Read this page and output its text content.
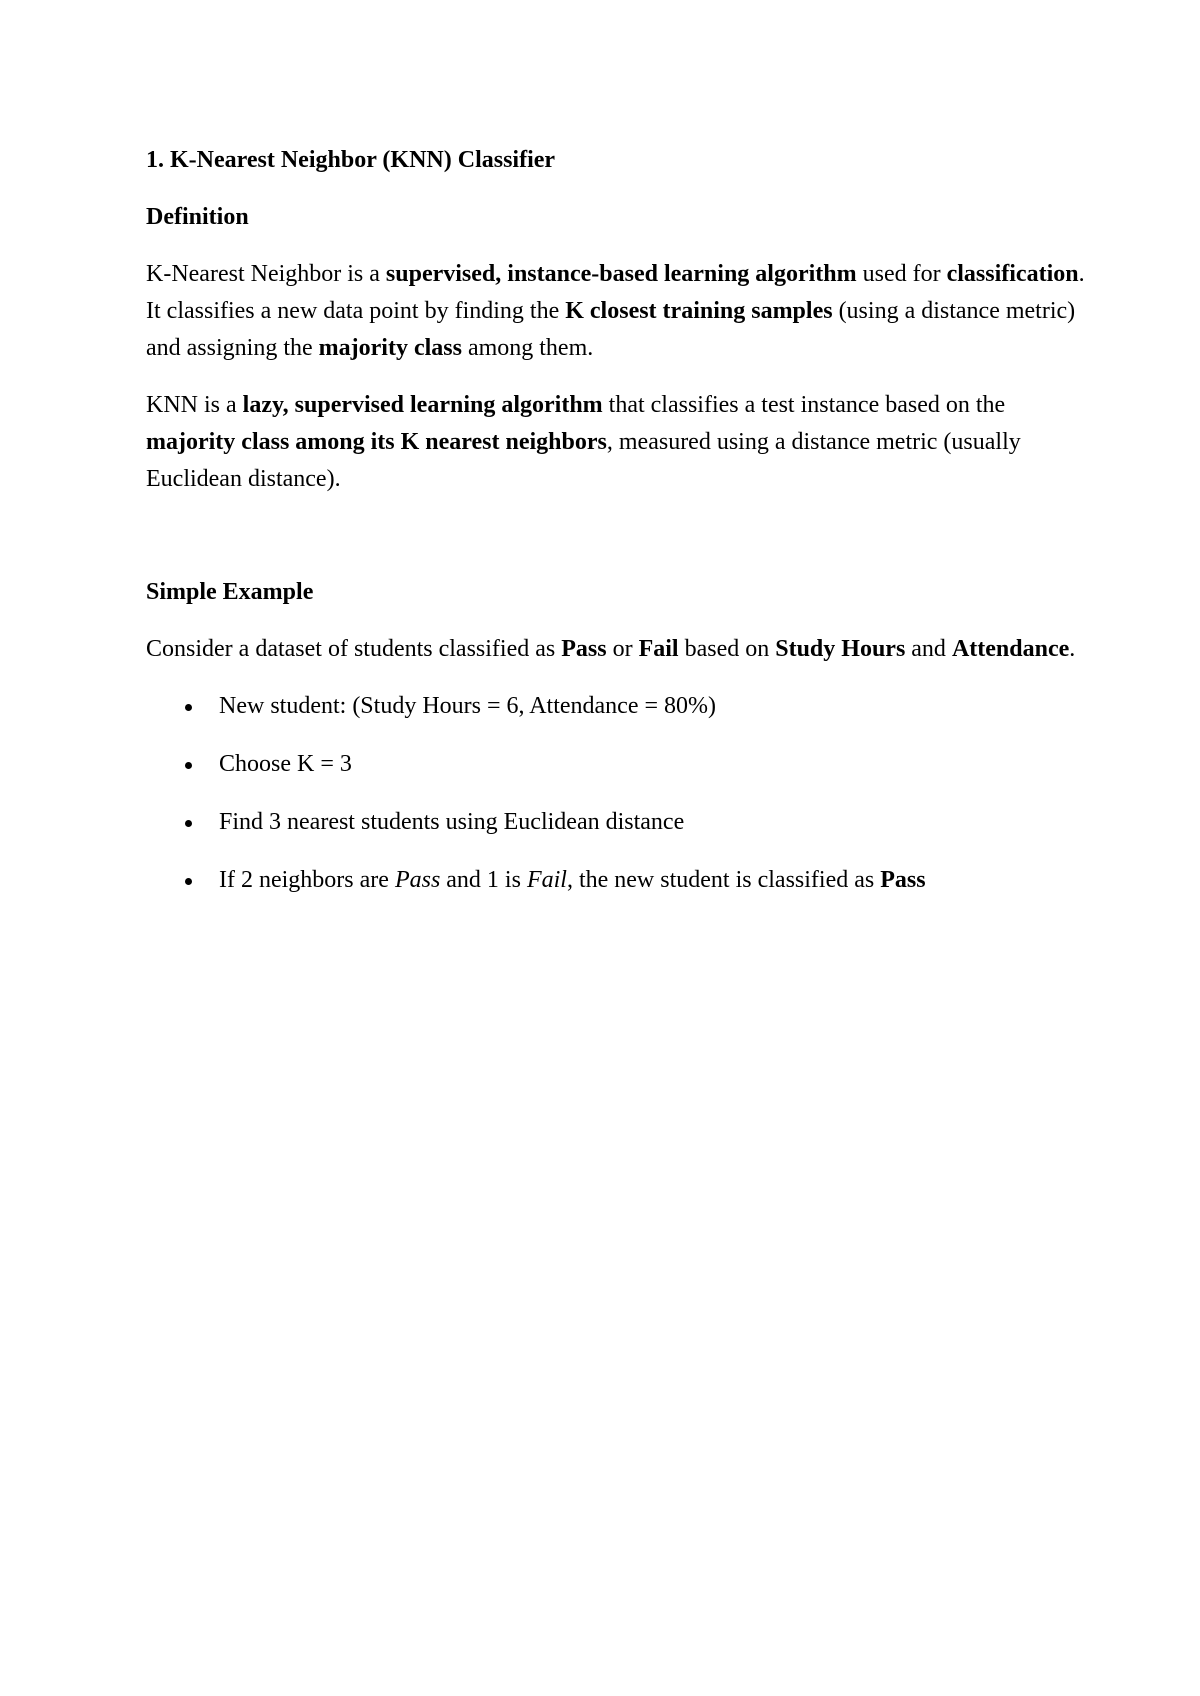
1. K-Nearest Neighbor (KNN) Classifier
Definition

K-Nearest Neighbor is a supervised, instance-based learning algorithm used for classification. It classifies a new data point by finding the K closest training samples (using a distance metric) and assigning the majority class among them.

KNN is a lazy, supervised learning algorithm that classifies a test instance based on the majority class among its K nearest neighbors, measured using a distance metric (usually Euclidean distance).

Simple Example

Consider a dataset of students classified as Pass or Fail based on Study Hours and Attendance.

New student: (Study Hours = 6, Attendance = 80%)
Choose K = 3
Find 3 nearest students using Euclidean distance
If 2 neighbors are Pass and 1 is Fail, the new student is classified as Pass
